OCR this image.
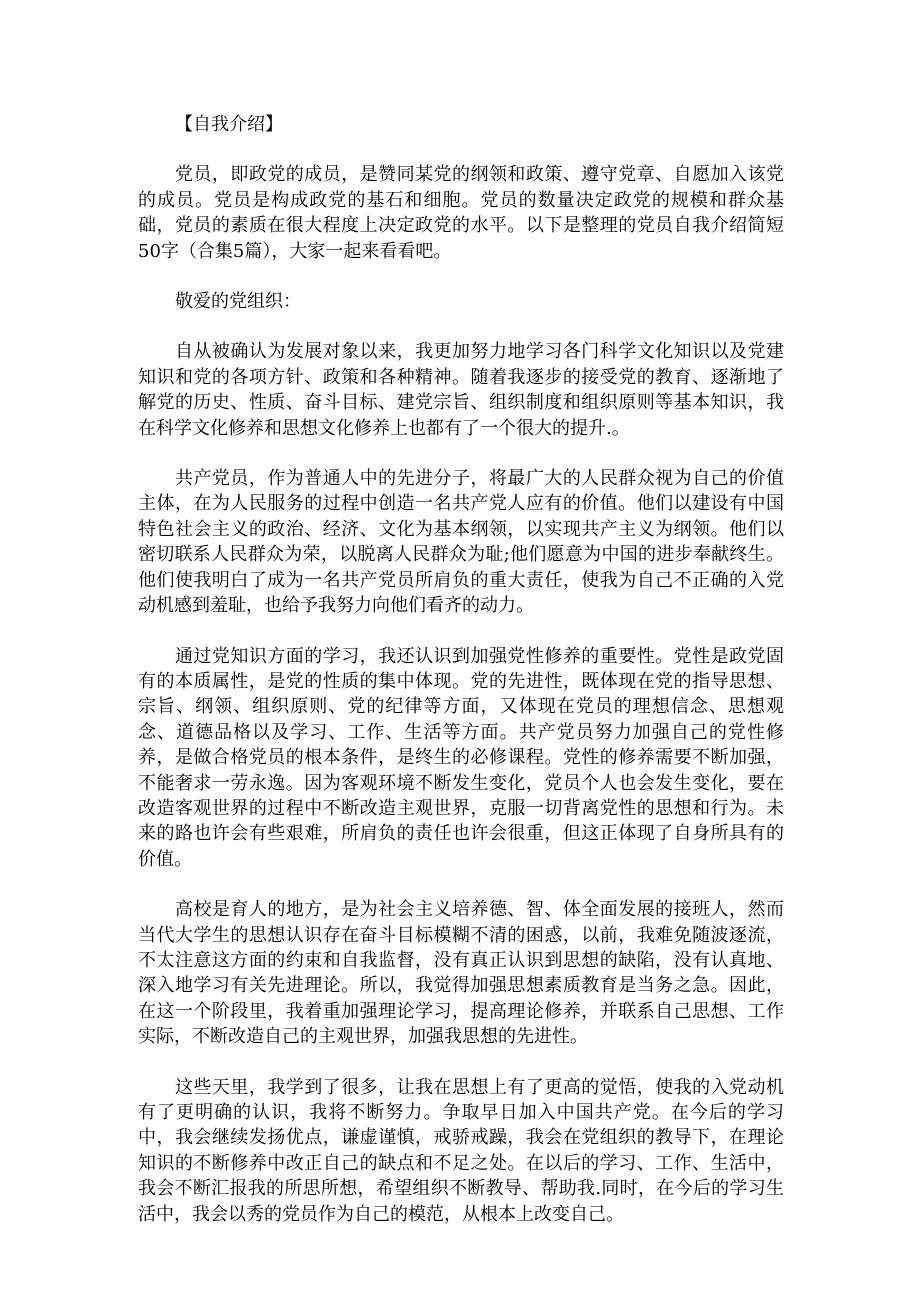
【自我介绍】

党员，即政党的成员，是赞同某党的纲领和政策、遵守党章、自愿加入该党的成员。党员是构成政党的基石和细胞。党员的数量决定政党的规模和群众基础，党员的素质在很大程度上决定政党的水平。以下是整理的党员自我介绍简短50字（合集5篇），大家一起来看看吧。

敬爱的党组织：

自从被确认为发展对象以来，我更加努力地学习各门科学文化知识以及党建知识和党的各项方针、政策和各种精神。随着我逐步的接受党的教育、逐渐地了解党的历史、性质、奋斗目标、建党宗旨、组织制度和组织原则等基本知识，我在科学文化修养和思想文化修养上也都有了一个很大的提升.。

共产党员，作为普通人中的先进分子，将最广大的人民群众视为自己的价值主体，在为人民服务的过程中创造一名共产党人应有的价值。他们以建设有中国特色社会主义的政治、经济、文化为基本纲领，以实现共产主义为纲领。他们以密切联系人民群众为荣，以脱离人民群众为耻;他们愿意为中国的进步奉献终生。他们使我明白了成为一名共产党员所肩负的重大责任，使我为自己不正确的入党动机感到羞耻，也给予我努力向他们看齐的动力。

通过党知识方面的学习，我还认识到加强党性修养的重要性。党性是政党固有的本质属性，是党的性质的集中体现。党的先进性，既体现在党的指导思想、宗旨、纲领、组织原则、党的纪律等方面，又体现在党员的理想信念、思想观念、道德品格以及学习、工作、生活等方面。共产党员努力加强自己的党性修养，是做合格党员的根本条件，是终生的必修课程。党性的修养需要不断加强，不能奢求一劳永逸。因为客观环境不断发生变化，党员个人也会发生变化，要在改造客观世界的过程中不断改造主观世界，克服一切背离党性的思想和行为。未来的路也许会有些艰难，所肩负的责任也许会很重，但这正体现了自身所具有的价值。

高校是育人的地方，是为社会主义培养德、智、体全面发展的接班人，然而当代大学生的思想认识存在奋斗目标模糊不清的困惑，以前，我难免随波逐流，不太注意这方面的约束和自我监督，没有真正认识到思想的缺陷，没有认真地、深入地学习有关先进理论。所以，我觉得加强思想素质教育是当务之急。因此，在这一个阶段里，我着重加强理论学习，提高理论修养，并联系自己思想、工作实际，不断改造自己的主观世界，加强我思想的先进性。

这些天里，我学到了很多，让我在思想上有了更高的觉悟，使我的入党动机有了更明确的认识，我将不断努力。争取早日加入中国共产党。在今后的学习中，我会继续发扬优点，谦虚谨慎，戒骄戒躁，我会在党组织的教导下，在理论知识的不断修养中改正自己的缺点和不足之处。在以后的学习、工作、生活中，我会不断汇报我的所思所想，希望组织不断教导、帮助我.同时，在今后的学习生活中，我会以秀的党员作为自己的模范，从根本上改变自己。
